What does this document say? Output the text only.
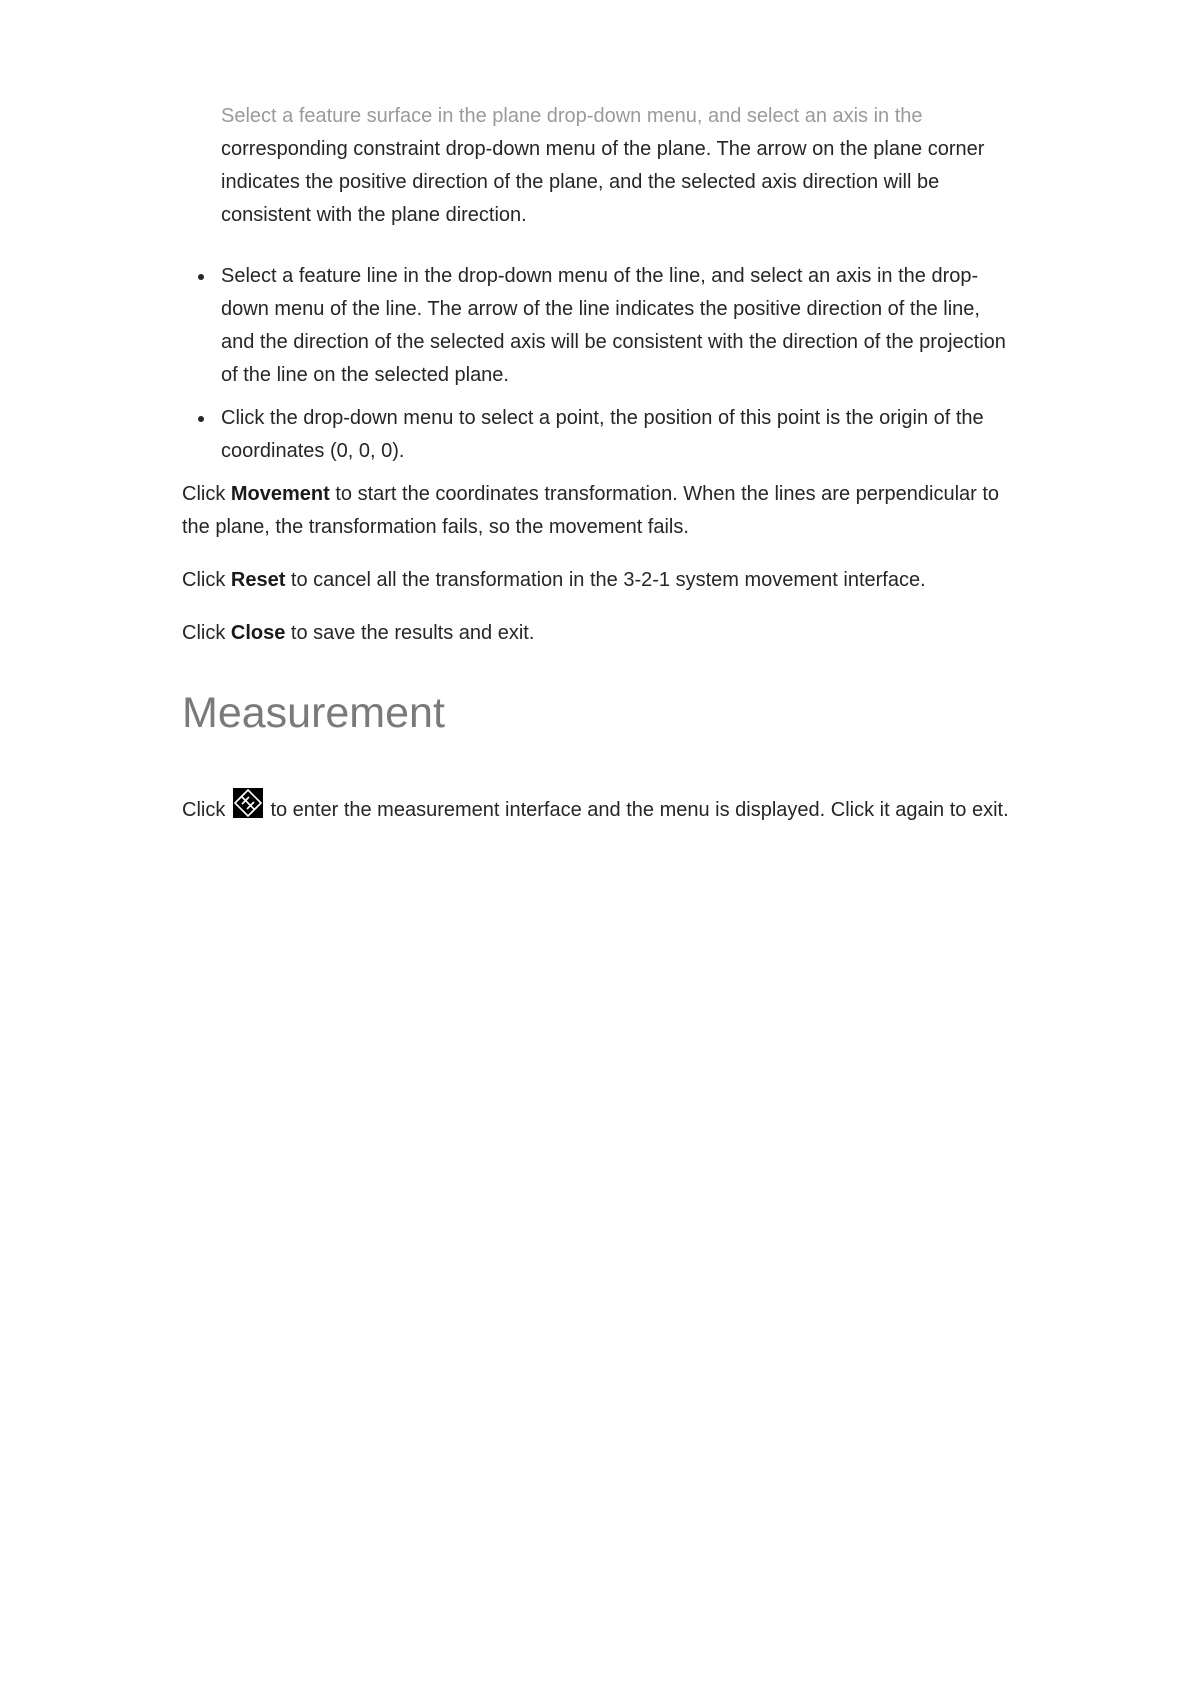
Select a feature surface in the plane drop-down menu, and select an axis in the
corresponding constraint drop-down menu of the plane. The arrow on the plane corner indicates the positive direction of the plane, and the selected axis direction will be consistent with the plane direction.
Select a feature line in the drop-down menu of the line, and select an axis in the drop-down menu of the line. The arrow of the line indicates the positive direction of the line, and the direction of the selected axis will be consistent with the direction of the projection of the line on the selected plane.
Click the drop-down menu to select a point, the position of this point is the origin of the coordinates (0, 0, 0).

Click Movement to start the coordinates transformation. When the lines are perpendicular to the plane, the transformation fails, so the movement fails.

Click Reset to cancel all the transformation in the 3-2-1 system movement interface.

Click Close to save the results and exit.

Measurement

Click
to enter the measurement interface and the menu is displayed. Click it again to exit.
